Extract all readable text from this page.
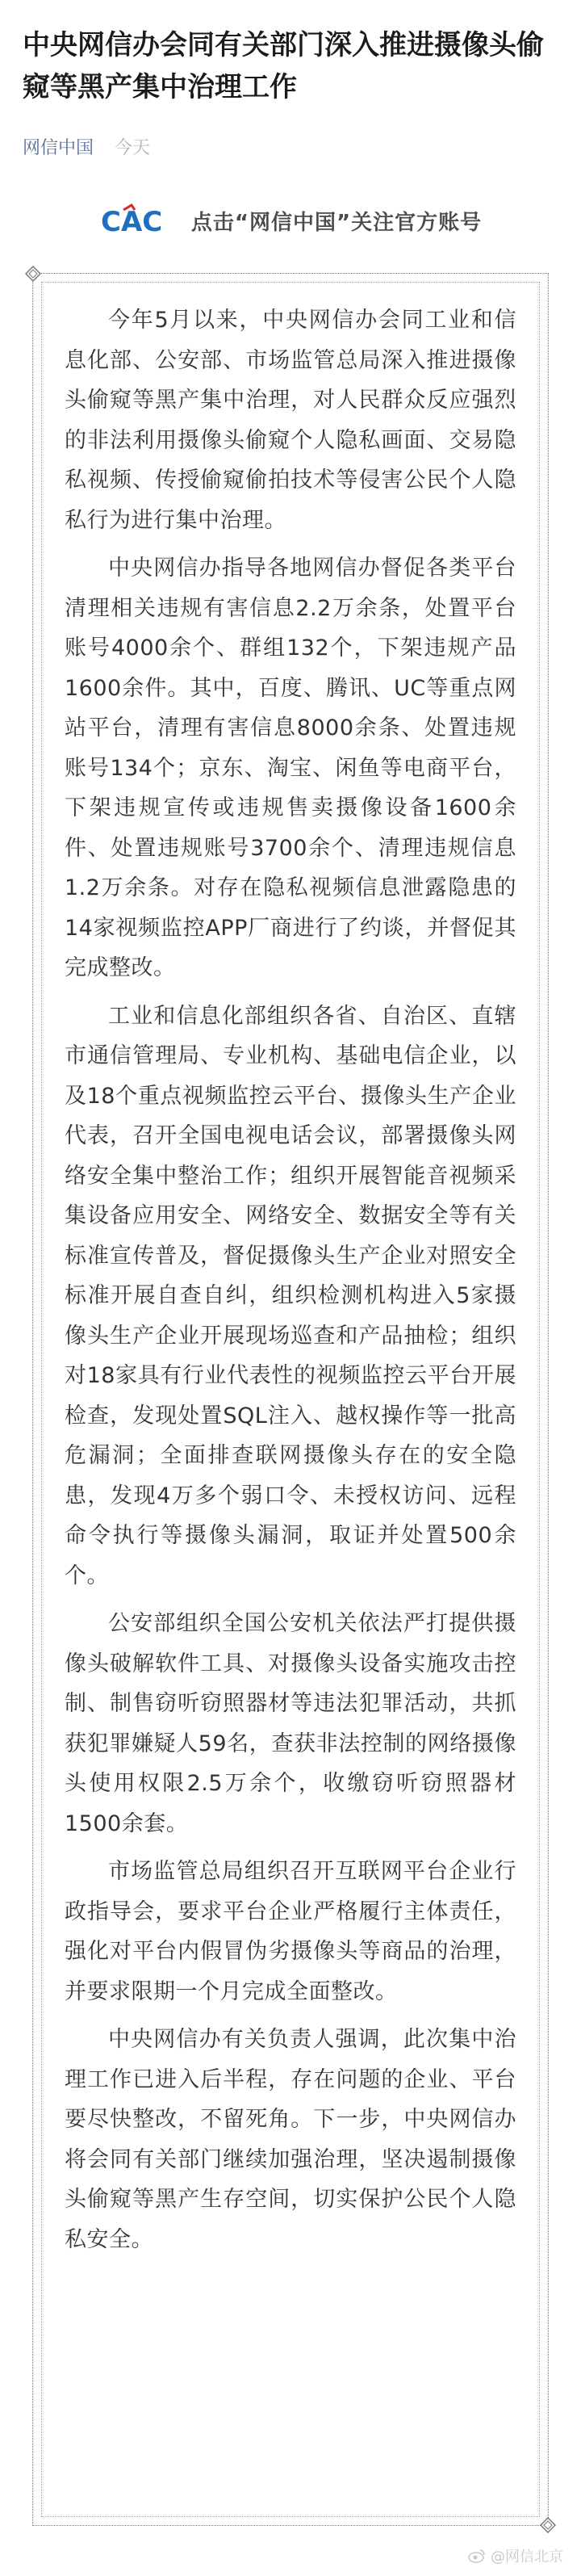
中央网信办会同有关部门深入推进摄像头偷窥等黑产集中治理工作
网信中国 今天
CAC 点击“网信中国”关注官方账号

今年5月以来，中央网信办会同工业和信息化部、公安部、市场监管总局深入推进摄像头偷窥等黑产集中治理，对人民群众反应强烈的非法利用摄像头偷窥个人隐私画面、交易隐私视频、传授偷窥偷拍技术等侵害公民个人隐私行为进行集中治理。

中央网信办指导各地网信办督促各类平台清理相关违规有害信息2.2万余条，处置平台账号4000余个、群组132个，下架违规产品1600余件。其中，百度、腾讯、UC等重点网站平台，清理有害信息8000余条、处置违规账号134个；京东、淘宝、闲鱼等电商平台，下架违规宣传或违规售卖摄像设备1600余件、处置违规账号3700余个、清理违规信息1.2万余条。对存在隐私视频信息泄露隐患的14家视频监控APP厂商进行了约谈，并督促其完成整改。

工业和信息化部组织各省、自治区、直辖市通信管理局、专业机构、基础电信企业，以及18个重点视频监控云平台、摄像头生产企业代表，召开全国电视电话会议，部署摄像头网络安全集中整治工作；组织开展智能音视频采集设备应用安全、网络安全、数据安全等有关标准宣传普及，督促摄像头生产企业对照安全标准开展自查自纠，组织检测机构进入5家摄像头生产企业开展现场巡查和产品抽检；组织对18家具有行业代表性的视频监控云平台开展检查，发现处置SQL注入、越权操作等一批高危漏洞；全面排查联网摄像头存在的安全隐患，发现4万多个弱口令、未授权访问、远程命令执行等摄像头漏洞，取证并处置500余个。

公安部组织全国公安机关依法严打提供摄像头破解软件工具、对摄像头设备实施攻击控制、制售窃听窃照器材等违法犯罪活动，共抓获犯罪嫌疑人59名，查获非法控制的网络摄像头使用权限2.5万余个，收缴窃听窃照器材1500余套。

市场监管总局组织召开互联网平台企业行政指导会，要求平台企业严格履行主体责任，强化对平台内假冒伪劣摄像头等商品的治理，并要求限期一个月完成全面整改。

中央网信办有关负责人强调，此次集中治理工作已进入后半程，存在问题的企业、平台要尽快整改，不留死角。下一步，中央网信办将会同有关部门继续加强治理，坚决遏制摄像头偷窥等黑产生存空间，切实保护公民个人隐私安全。

@网信北京
